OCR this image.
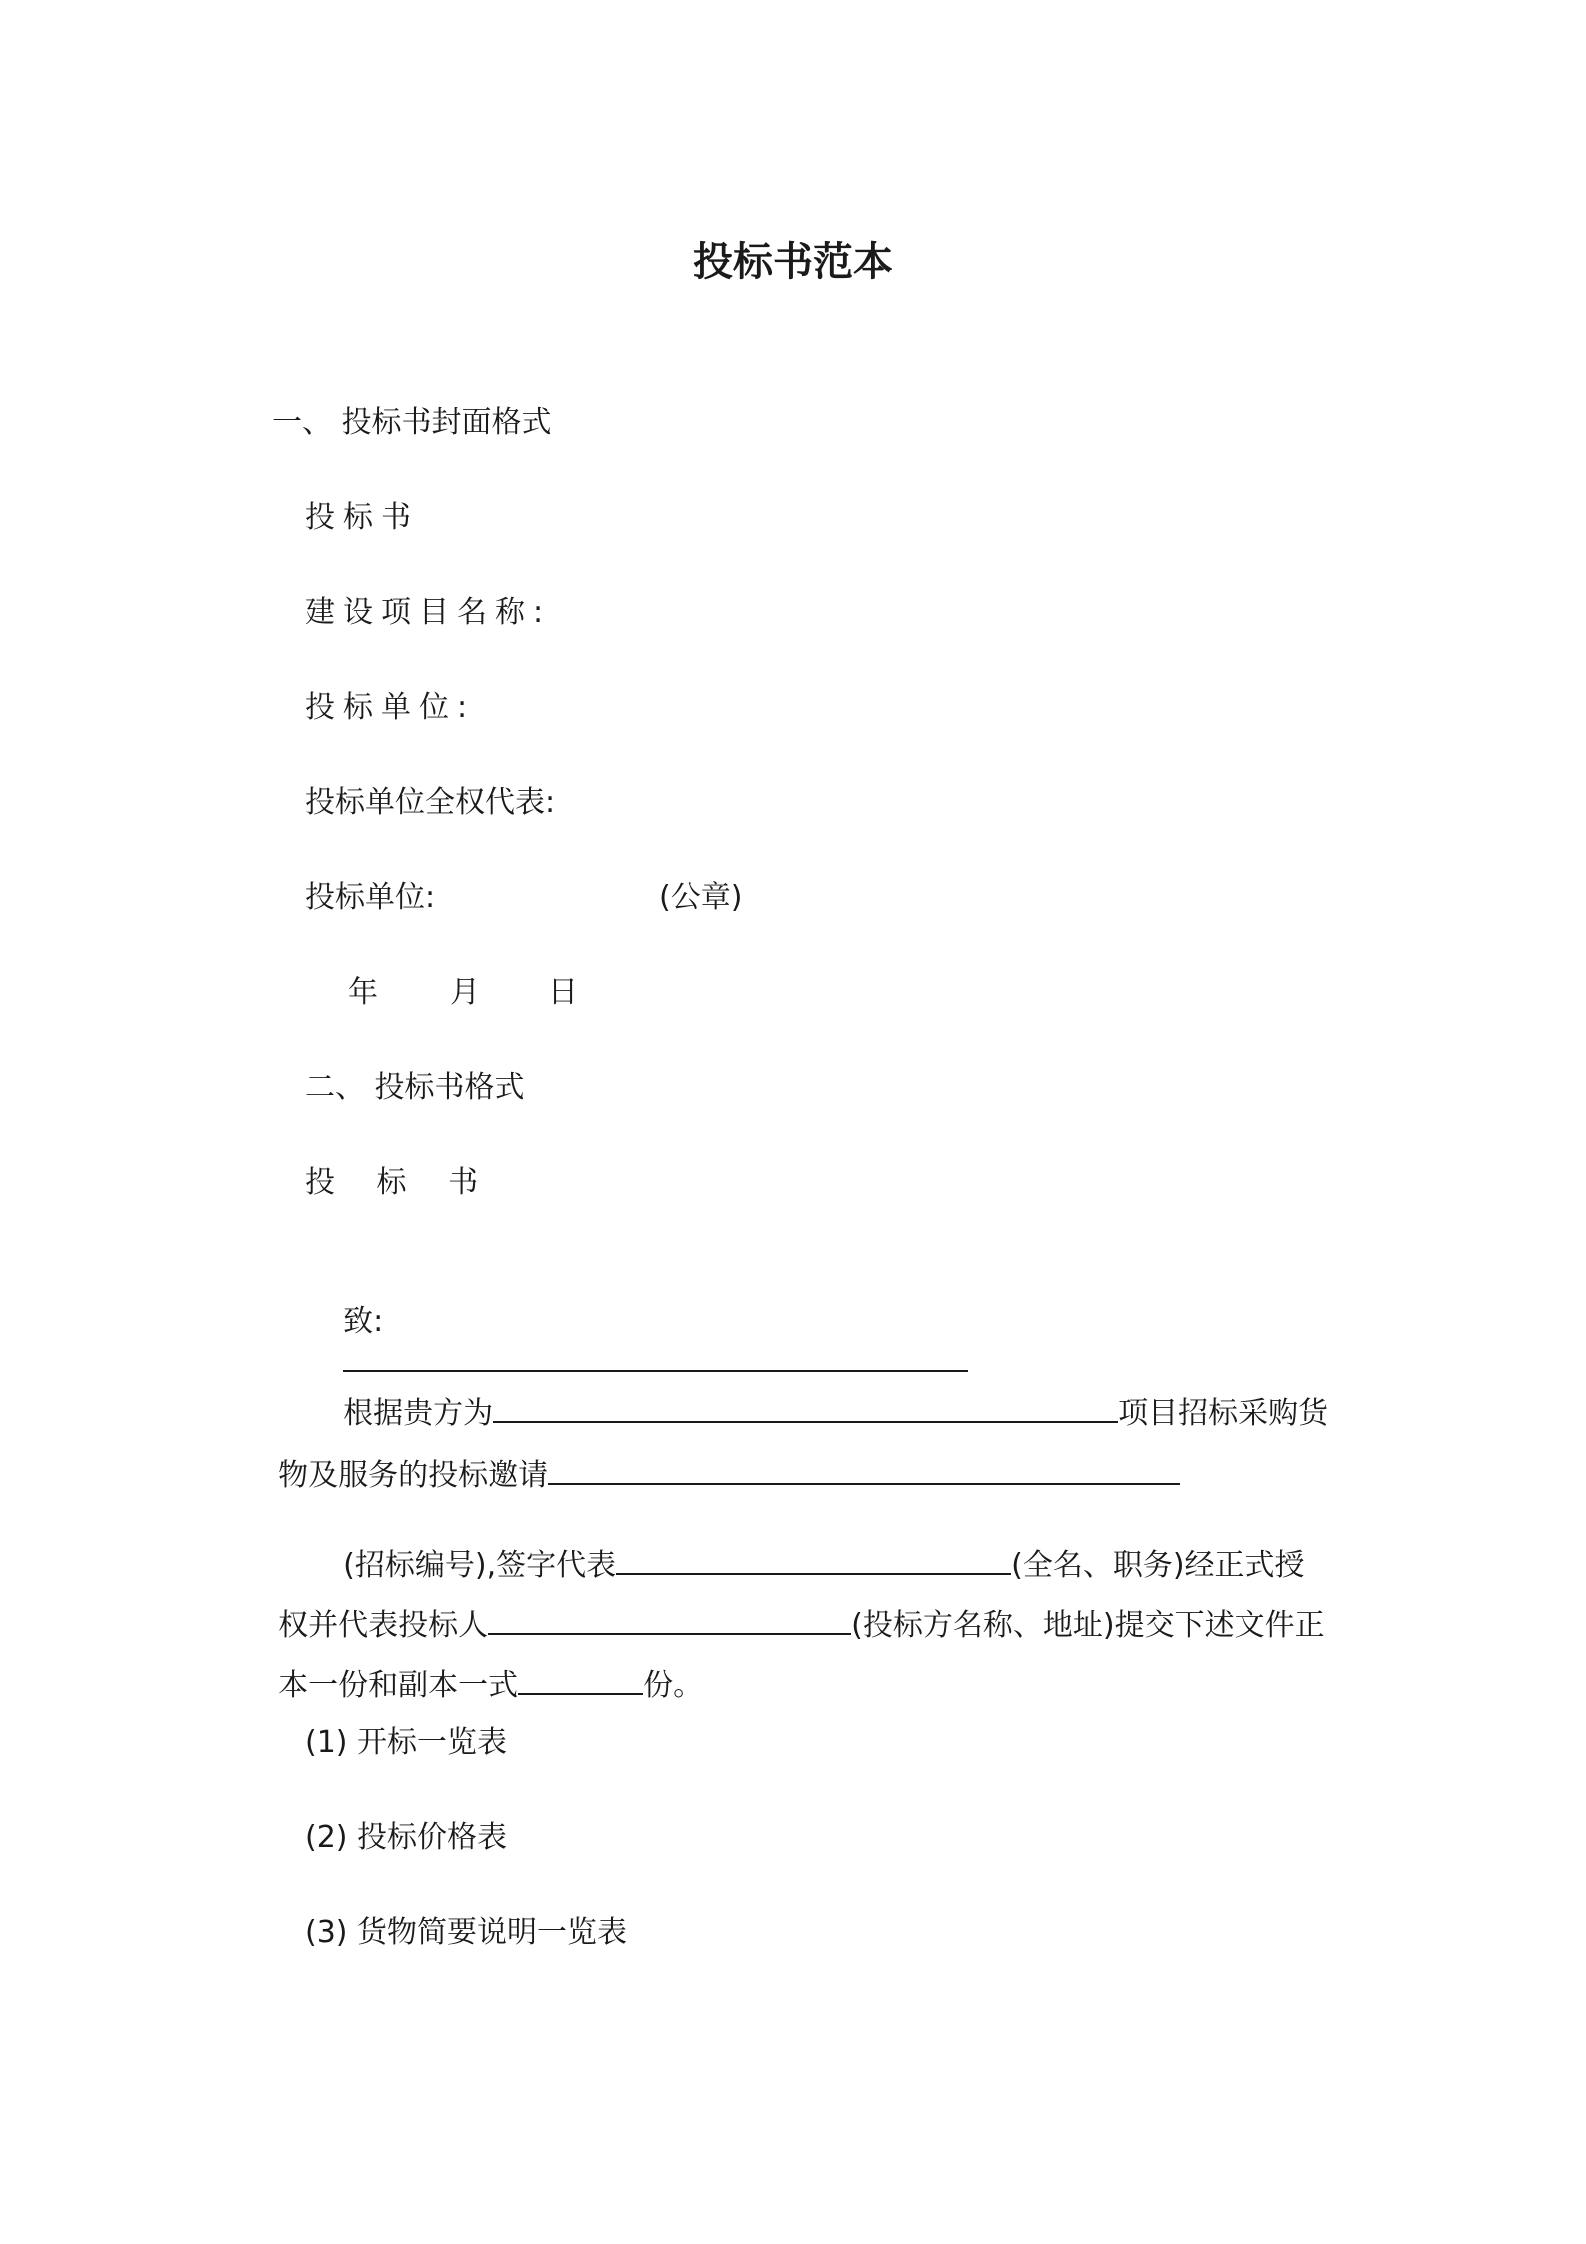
投标书范本
一、 投标书封面格式
投标书
建设项目名称:
投标单位:
投标单位全权代表:
投标单位:	(公章)
年 月 日
二、 投标书格式
投 标 书

致:

根据贵方为	项目招标采购货

物及服务的投标邀请

(招标编号),签字代表	(全名、职务)经正式授

权并代表投标人	(投标方名称、地址)提交下述文件正

本一份和副本一式	份。

(1) 开标一览表
(2) 投标价格表
(3) 货物简要说明一览表
